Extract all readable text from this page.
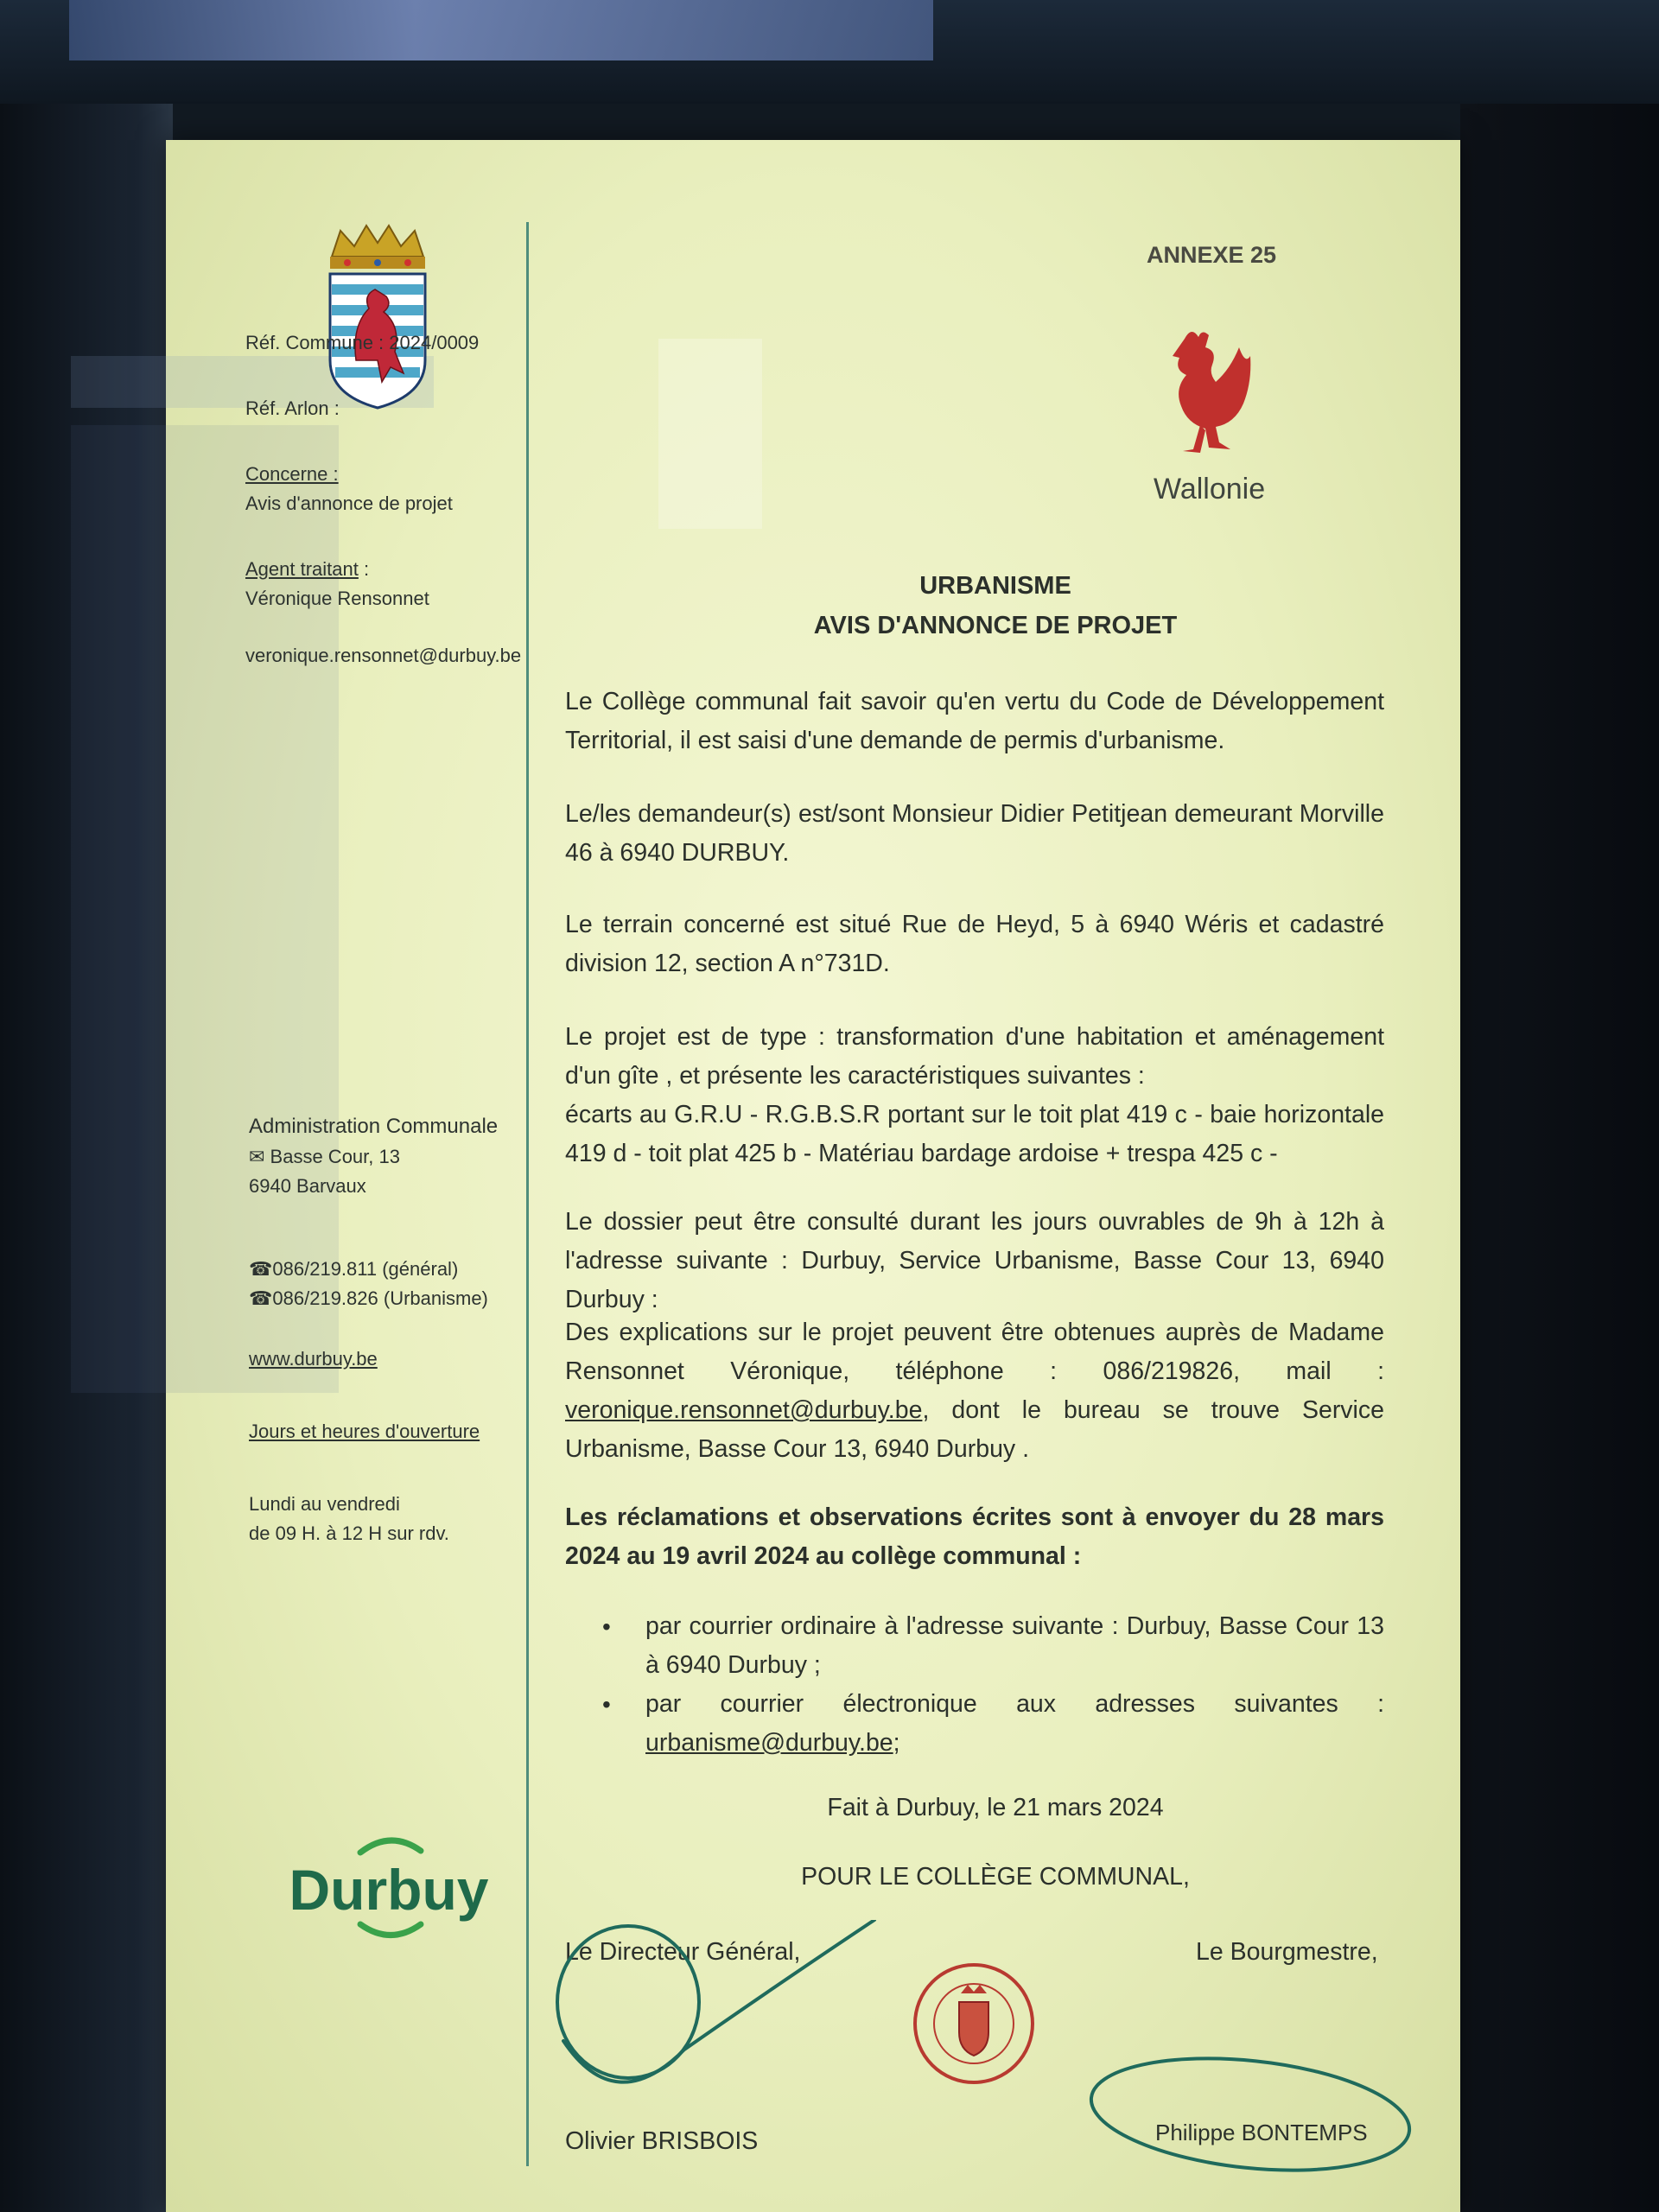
Réf. Commune : 2024/0009
Réf. Arlon :
Concerne :
Avis d'annonce de projet
Agent traitant :
Véronique Rensonnet
veronique.rensonnet@durbuy.be
Administration Communale
✉ Basse Cour, 13
6940 Barvaux
☎086/219.811 (général)
☎086/219.826 (Urbanisme)
www.durbuy.be
Jours et heures d'ouverture
Lundi au vendredi
de 09 H. à 12 H sur rdv.
Durbuy
ANNEXE 25
Wallonie
URBANISME
AVIS D'ANNONCE DE PROJET
Le Collège communal fait savoir qu'en vertu du Code de Développement Territorial, il est saisi d'une demande de permis d'urbanisme.
Le/les demandeur(s) est/sont Monsieur Didier Petitjean demeurant Morville 46 à 6940 DURBUY.
Le terrain concerné est situé Rue de Heyd, 5 à 6940 Wéris et cadastré division 12, section A n°731D.
Le projet est de type : transformation d'une habitation et aménagement d'un gîte , et présente les caractéristiques suivantes :
écarts au G.R.U - R.G.B.S.R portant sur le toit plat 419 c - baie horizontale 419 d - toit plat 425 b - Matériau bardage ardoise + trespa 425 c -
Le dossier peut être consulté durant les jours ouvrables de 9h à 12h à l'adresse suivante : Durbuy, Service Urbanisme, Basse Cour 13, 6940 Durbuy :
Des explications sur le projet peuvent être obtenues auprès de Madame Rensonnet Véronique, téléphone : 086/219826, mail : veronique.rensonnet@durbuy.be, dont le bureau se trouve Service Urbanisme, Basse Cour 13, 6940 Durbuy .
Les réclamations et observations écrites sont à envoyer du 28 mars 2024 au 19 avril 2024 au collège communal :
• par courrier ordinaire à l'adresse suivante : Durbuy, Basse Cour 13 à 6940 Durbuy ;
• par courrier électronique aux adresses suivantes : urbanisme@durbuy.be;
Fait à Durbuy, le 21 mars 2024
POUR LE COLLÈGE COMMUNAL,
Le Directeur Général,	Le Bourgmestre,
Olivier BRISBOIS	Philippe BONTEMPS
